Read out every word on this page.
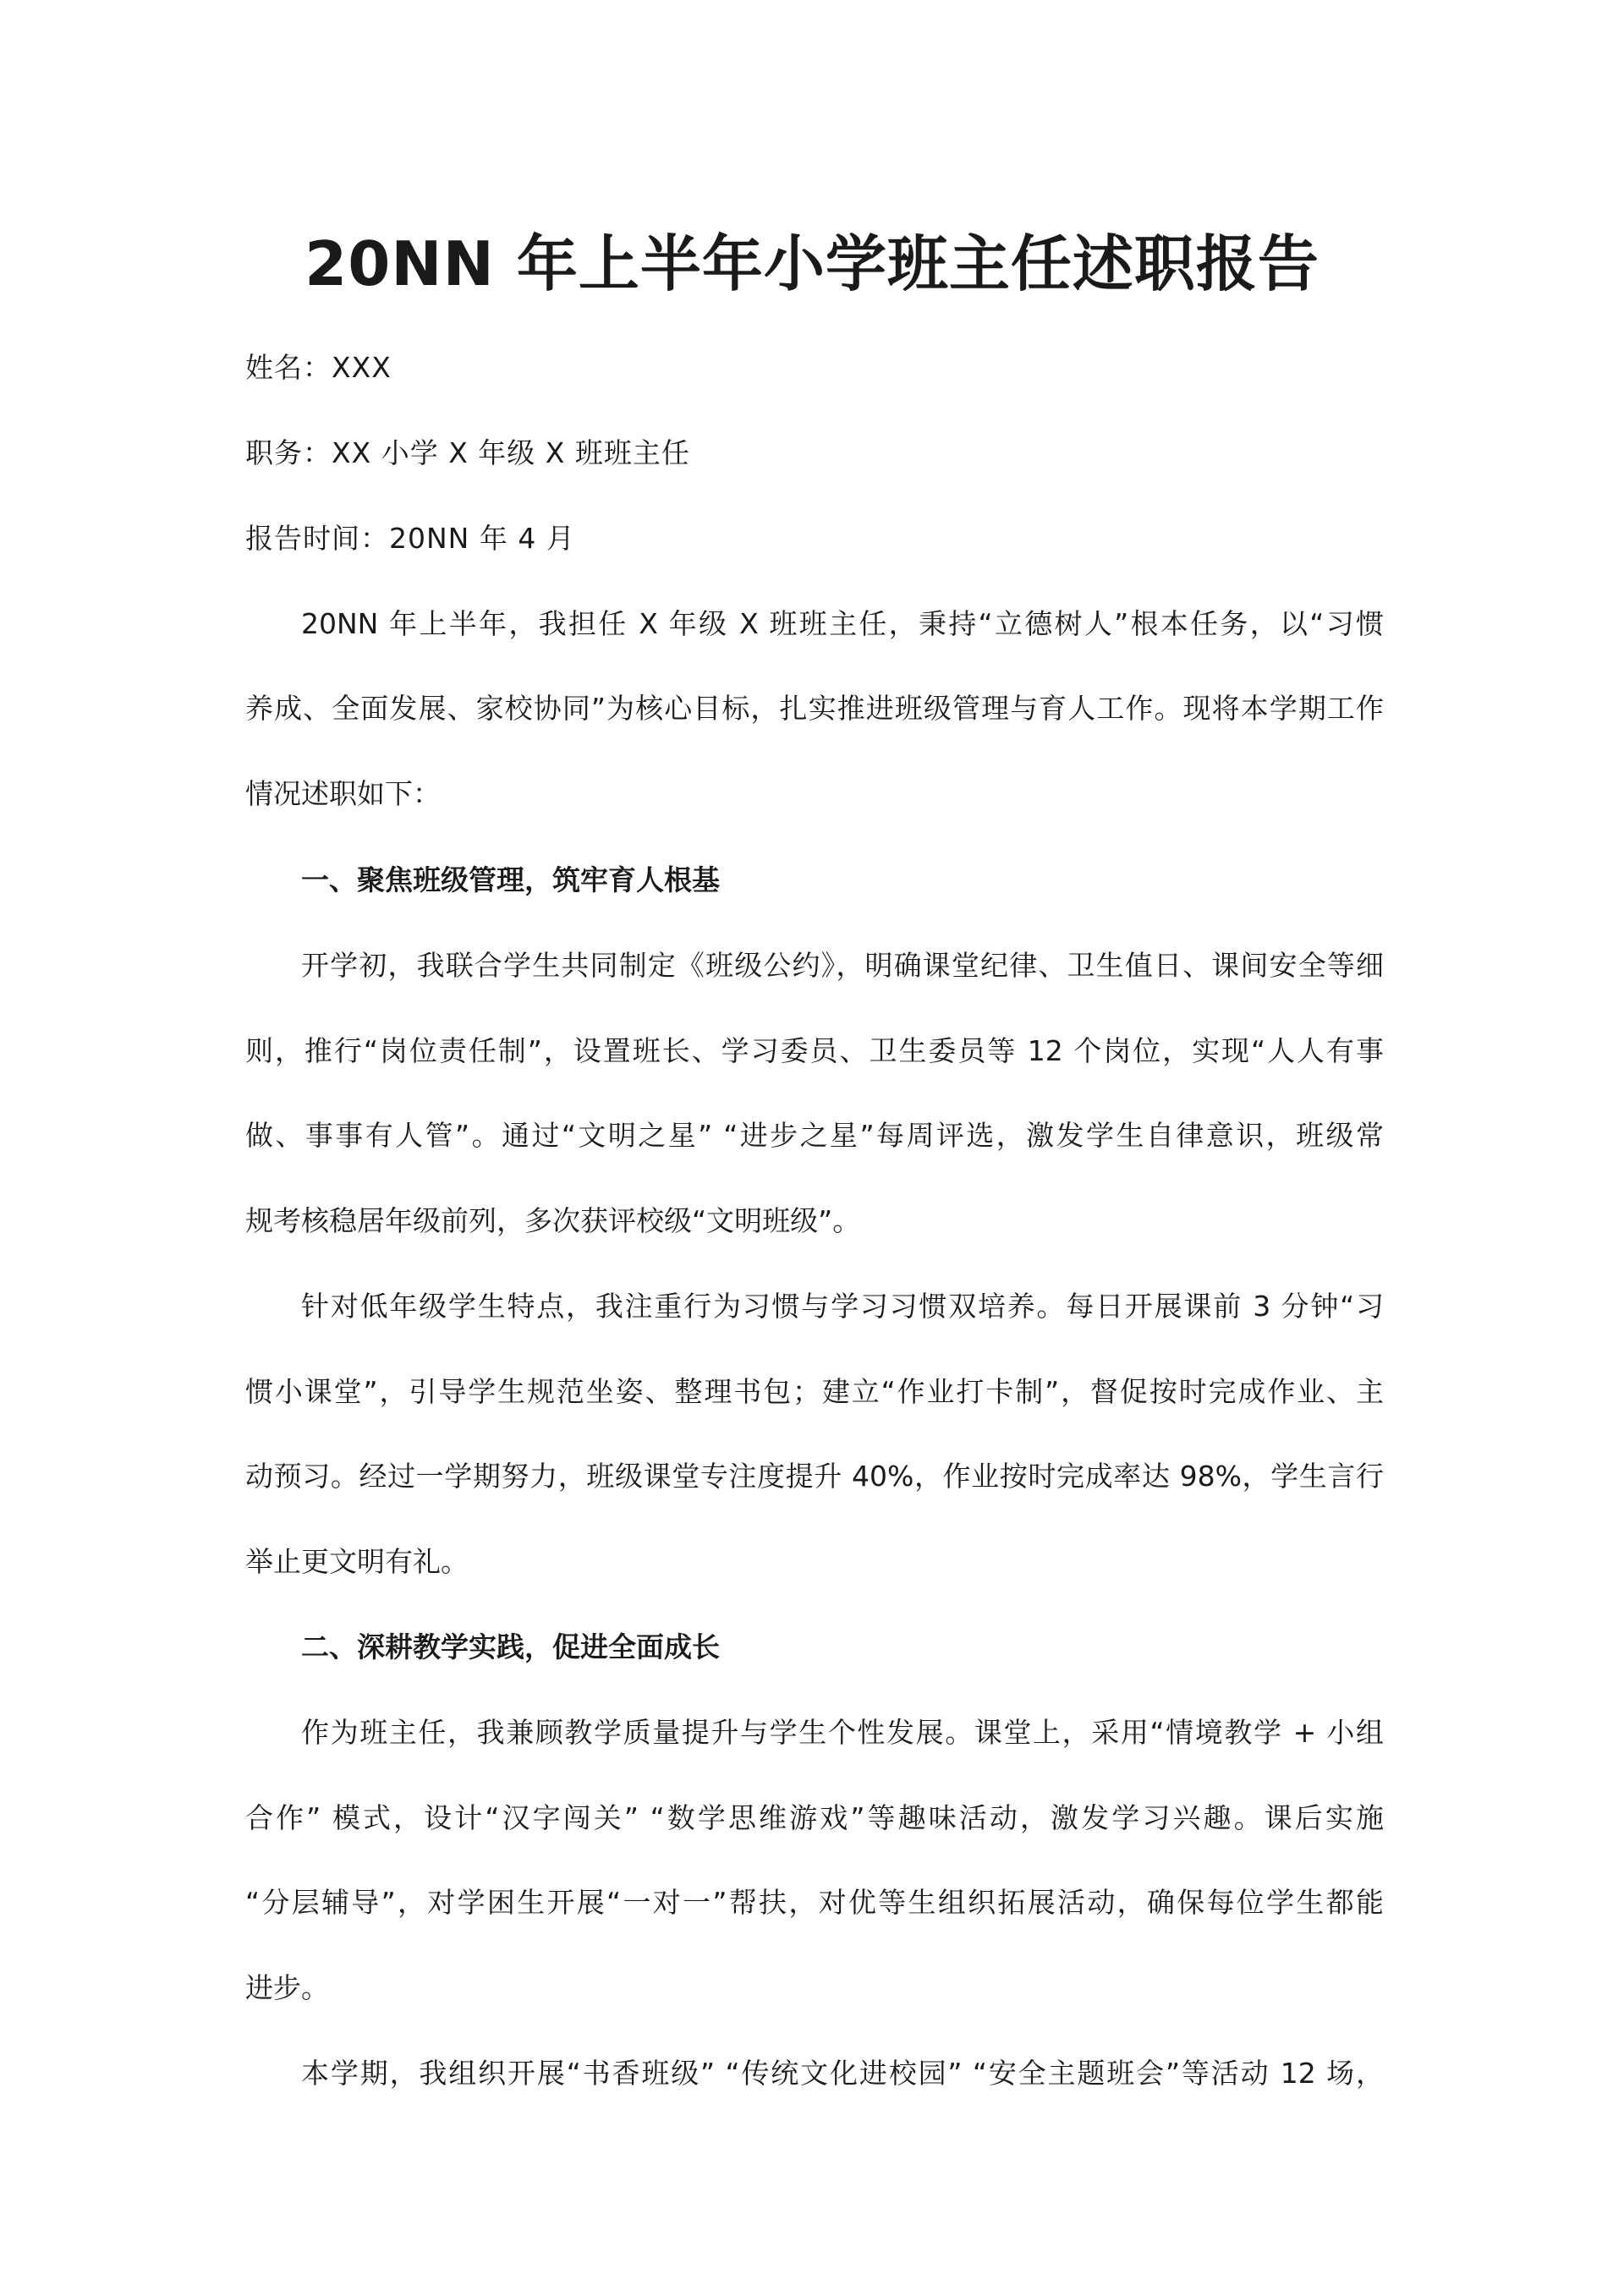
20NN 年上半年小学班主任述职报告

姓名：XXX

职务：XX 小学 X 年级 X 班班主任

报告时间：20NN 年 4 月

20NN 年上半年，我担任 X 年级 X 班班主任，秉持“立德树人”根本任务，以“习惯

养成、全面发展、家校协同”为核心目标，扎实推进班级管理与育人工作。现将本学期工作

情况述职如下：

一、聚焦班级管理，筑牢育人根基

开学初，我联合学生共同制定《班级公约》，明确课堂纪律、卫生值日、课间安全等细

则，推行“岗位责任制”，设置班长、学习委员、卫生委员等 12 个岗位，实现“人人有事

做、事事有人管”。通过“文明之星” “进步之星”每周评选，激发学生自律意识，班级常

规考核稳居年级前列，多次获评校级“文明班级”。

针对低年级学生特点，我注重行为习惯与学习习惯双培养。每日开展课前 3 分钟“习

惯小课堂”，引导学生规范坐姿、整理书包；建立“作业打卡制”，督促按时完成作业、主

动预习。经过一学期努力，班级课堂专注度提升 40%，作业按时完成率达 98%，学生言行

举止更文明有礼。

二、深耕教学实践，促进全面成长

作为班主任，我兼顾教学质量提升与学生个性发展。课堂上，采用“情境教学 + 小组

合作” 模式，设计“汉字闯关” “数学思维游戏”等趣味活动，激发学习兴趣。课后实施

“分层辅导”，对学困生开展“一对一”帮扶，对优等生组织拓展活动，确保每位学生都能

进步。

本学期，我组织开展“书香班级” “传统文化进校园” “安全主题班会”等活动 12 场，
